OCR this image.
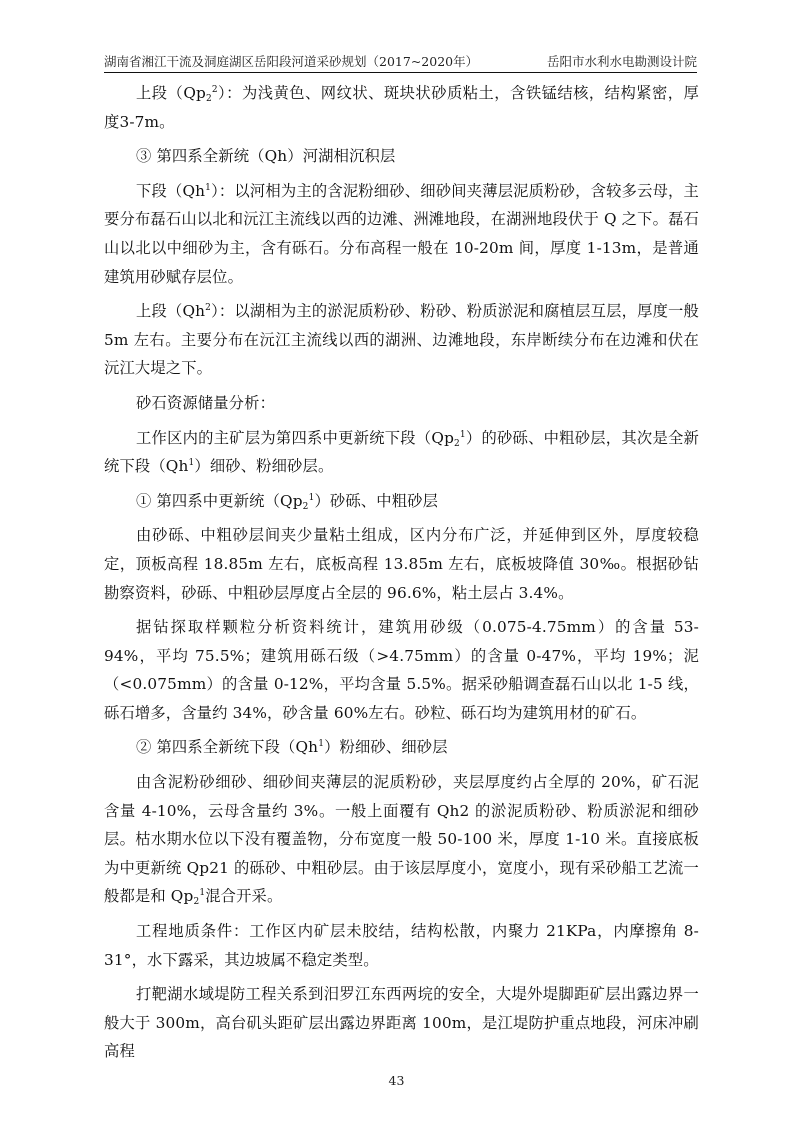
湖南省湘江干流及洞庭湖区岳阳段河道采砂规划（2017~2020年）	岳阳市水利水电勘测设计院

上段$(Qp_2^2)$：为浅黄色、网纹状、斑块状砂质粘土，含铁锰结核，结构紧密，厚度3-7m。

③ 第四系全新统（Qh）河湖相沉积层

下段（Qh$^1$）：以河相为主的含泥粉细砂、细砂间夹薄层泥质粉砂，含较多云母，主要分布磊石山以北和沅江主流线以西的边滩、洲滩地段，在湖洲地段伏于 Q 之下。磊石山以北以中细砂为主，含有砾石。分布高程一般在 10-20m 间，厚度 1-13m，是普通建筑用砂赋存层位。

上段（Qh$^2$）：以湖相为主的淤泥质粉砂、粉砂、粉质淤泥和腐植层互层，厚度一般 5m 左右。主要分布在沅江主流线以西的湖洲、边滩地段，东岸断续分布在边滩和伏在沅江大堤之下。

砂石资源储量分析：

工作区内的主矿层为第四系中更新统下段$(Qp_2^1)$的砂砾、中粗砂层，其次是全新统下段（Qh$^1$）细砂、粉细砂层。

① 第四系中更新统$(Qp_2^1)$砂砾、中粗砂层

由砂砾、中粗砂层间夹少量粘土组成，区内分布广泛，并延伸到区外，厚度较稳定，顶板高程 18.85m 左右，底板高程 13.85m 左右，底板坡降值 30‰。根据砂钻勘察资料，砂砾、中粗砂层厚度占全层的 96.6%，粘土层占 3.4%。

据钻探取样颗粒分析资料统计，建筑用砂级（0.075-4.75mm）的含量 53-94%，平均 75.5%；建筑用砾石级（>4.75mm）的含量 0-47%，平均 19%；泥（<0.075mm）的含量 0-12%，平均含量 5.5%。据采砂船调查磊石山以北 1-5 线，砾石增多，含量约 34%，砂含量 60%左右。砂粒、砾石均为建筑用材的矿石。

② 第四系全新统下段（Qh$^1$）粉细砂、细砂层

由含泥粉砂细砂、细砂间夹薄层的泥质粉砂，夹层厚度约占全厚的 20%，矿石泥含量 4-10%，云母含量约 3%。一般上面覆有 Qh2 的淤泥质粉砂、粉质淤泥和细砂层。枯水期水位以下没有覆盖物，分布宽度一般 50-100 米，厚度 1-10 米。直接底板为中更新统 Qp21 的砾砂、中粗砂层。由于该层厚度小，宽度小，现有采砂船工艺流一般都是和 $Qp_2^1$混合开采。

工程地质条件：工作区内矿层未胶结，结构松散，内聚力 21KPa，内摩擦角 8-31°，水下露采，其边坡属不稳定类型。

打靶湖水域堤防工程关系到汨罗江东西两垸的安全，大堤外堤脚距矿层出露边界一般大于 300m，高台矶头距矿层出露边界距离 100m，是江堤防护重点地段，河床冲刷高程

43
